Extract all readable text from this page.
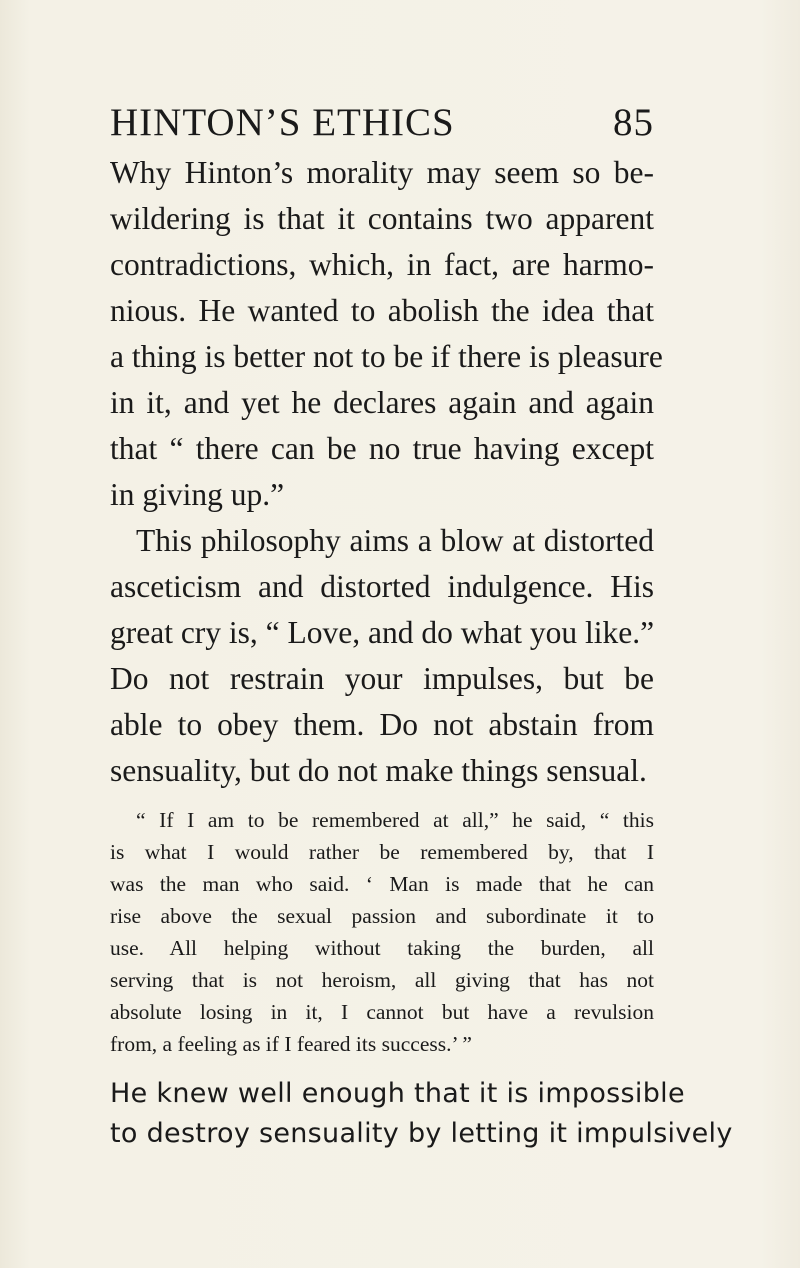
HINTON’S ETHICS	85
Why Hinton’s morality may seem so be-
wildering is that it contains two apparent
contradictions, which, in fact, are harmo-
nious. He wanted to abolish the idea that
a thing is better not to be if there is pleasure
in it, and yet he declares again and again
that “ there can be no true having except
in giving up.”
This philosophy aims a blow at distorted
asceticism and distorted indulgence. His
great cry is, “ Love, and do what you like.”
Do not restrain your impulses, but be
able to obey them. Do not abstain from
sensuality, but do not make things sensual.
“ If I am to be remembered at all,” he said, “ this
is what I would rather be remembered by, that I
was the man who said. ‘ Man is made that he can
rise above the sexual passion and subordinate it to
use. All helping without taking the burden, all
serving that is not heroism, all giving that has not
absolute losing in it, I cannot but have a revulsion
from, a feeling as if I feared its success.’ ”
He knew well enough that it is impossible
to destroy sensuality by letting it impulsively
